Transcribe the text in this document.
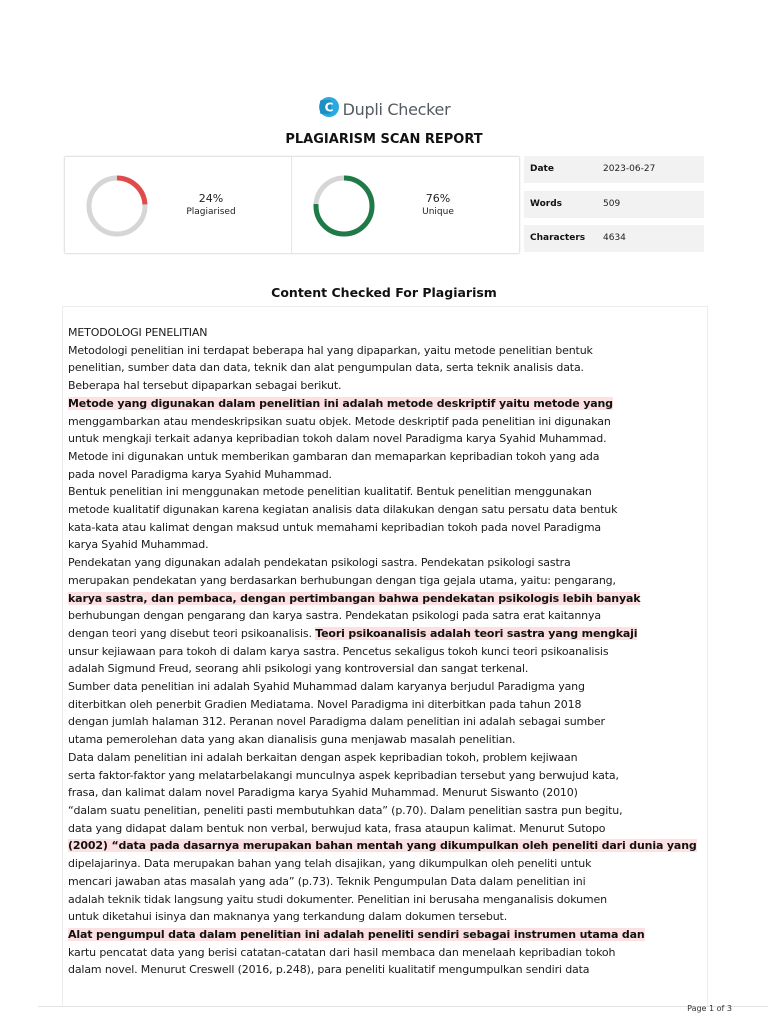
C Dupli Checker
PLAGIARISM SCAN REPORT
24%
Plagiarised
76%
Unique
Date	2023-06-27
Words	509
Characters 4634
Content Checked For Plagiarism
METODOLOGI PENELITIAN
Metodologi penelitian ini terdapat beberapa hal yang dipaparkan, yaitu metode penelitian bentuk
penelitian, sumber data dan data, teknik dan alat pengumpulan data, serta teknik analisis data.
Beberapa hal tersebut dipaparkan sebagai berikut.
Metode yang digunakan dalam penelitian ini adalah metode deskriptif yaitu metode yang
menggambarkan atau mendeskripsikan suatu objek. Metode deskriptif pada penelitian ini digunakan
untuk mengkaji terkait adanya kepribadian tokoh dalam novel Paradigma karya Syahid Muhammad.
Metode ini digunakan untuk memberikan gambaran dan memaparkan kepribadian tokoh yang ada
pada novel Paradigma karya Syahid Muhammad.
Bentuk penelitian ini menggunakan metode penelitian kualitatif. Bentuk penelitian menggunakan
metode kualitatif digunakan karena kegiatan analisis data dilakukan dengan satu persatu data bentuk
kata-kata atau kalimat dengan maksud untuk memahami kepribadian tokoh pada novel Paradigma
karya Syahid Muhammad.
Pendekatan yang digunakan adalah pendekatan psikologi sastra. Pendekatan psikologi sastra
merupakan pendekatan yang berdasarkan berhubungan dengan tiga gejala utama, yaitu: pengarang,
karya sastra, dan pembaca, dengan pertimbangan bahwa pendekatan psikologis lebih banyak
berhubungan dengan pengarang dan karya sastra. Pendekatan psikologi pada satra erat kaitannya
dengan teori yang disebut teori psikoanalisis. Teori psikoanalisis adalah teori sastra yang mengkaji
unsur kejiawaan para tokoh di dalam karya sastra. Pencetus sekaligus tokoh kunci teori psikoanalisis
adalah Sigmund Freud, seorang ahli psikologi yang kontroversial dan sangat terkenal.
Sumber data penelitian ini adalah Syahid Muhammad dalam karyanya berjudul Paradigma yang
diterbitkan oleh penerbit Gradien Mediatama. Novel Paradigma ini diterbitkan pada tahun 2018
dengan jumlah halaman 312. Peranan novel Paradigma dalam penelitian ini adalah sebagai sumber
utama pemerolehan data yang akan dianalisis guna menjawab masalah penelitian.
Data dalam penelitian ini adalah berkaitan dengan aspek kepribadian tokoh, problem kejiwaan
serta faktor-faktor yang melatarbelakangi munculnya aspek kepribadian tersebut yang berwujud kata,
frasa, dan kalimat dalam novel Paradigma karya Syahid Muhammad. Menurut Siswanto (2010)
“dalam suatu penelitian, peneliti pasti membutuhkan data” (p.70). Dalam penelitian sastra pun begitu,
data yang didapat dalam bentuk non verbal, berwujud kata, frasa ataupun kalimat. Menurut Sutopo
(2002) “data pada dasarnya merupakan bahan mentah yang dikumpulkan oleh peneliti dari dunia yang
dipelajarinya. Data merupakan bahan yang telah disajikan, yang dikumpulkan oleh peneliti untuk
mencari jawaban atas masalah yang ada” (p.73). Teknik Pengumpulan Data dalam penelitian ini
adalah teknik tidak langsung yaitu studi dokumenter. Penelitian ini berusaha menganalisis dokumen
untuk diketahui isinya dan maknanya yang terkandung dalam dokumen tersebut.
Alat pengumpul data dalam penelitian ini adalah peneliti sendiri sebagai instrumen utama dan
kartu pencatat data yang berisi catatan-catatan dari hasil membaca dan menelaah kepribadian tokoh
dalam novel. Menurut Creswell (2016, p.248), para peneliti kualitatif mengumpulkan sendiri data
Page 1 of 3
